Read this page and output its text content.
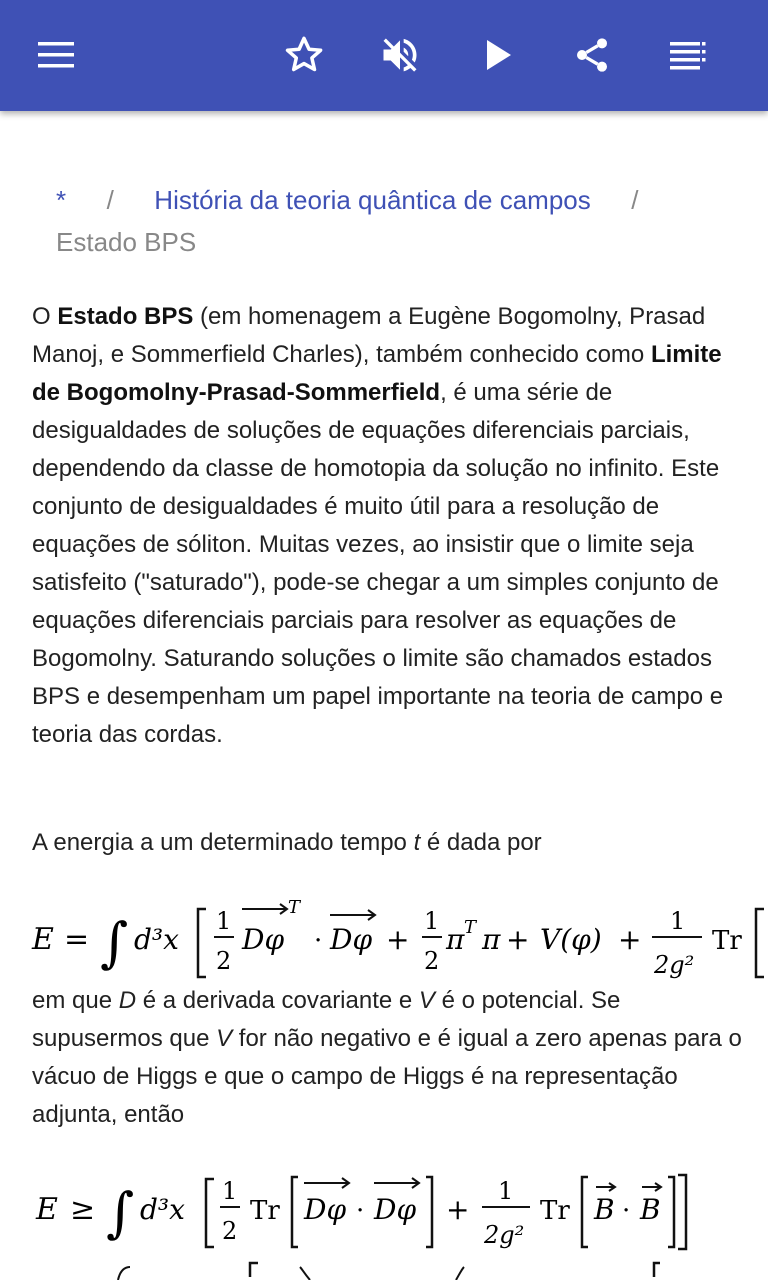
* / História da teoria quântica de campos /
Estado BPS

O Estado BPS (em homenagem a Eugène Bogomolny, Prasad Manoj, e Sommerfield Charles), também conhecido como Limite de Bogomolny-Prasad-Sommerfield, é uma série de desigualdades de soluções de equações diferenciais parciais, dependendo da classe de homotopia da solução no infinito. Este conjunto de desigualdades é muito útil para a resolução de equações de sóliton. Muitas vezes, ao insistir que o limite seja satisfeito ("saturado"), pode-se chegar a um simples conjunto de equações diferenciais parciais para resolver as equações de Bogomolny. Saturando soluções o limite são chamados estados BPS e desempenham um papel importante na teoria de campo e teoria das cordas.

A energia a um determinado tempo t é dada por

E = ∫ d³x
1
2
Dφ
T
· Dφ +
1
2
π T π + V(φ) +
1
2g²
Tr

em que D é a derivada covariante e V é o potencial. Se supusermos que V for não negativo e é igual a zero apenas para o vácuo de Higgs e que o campo de Higgs é na representação adjunta, então

E ≥ ∫ d³x
1
2
Tr Dφ · Dφ +
1
2g²
Tr B · B
